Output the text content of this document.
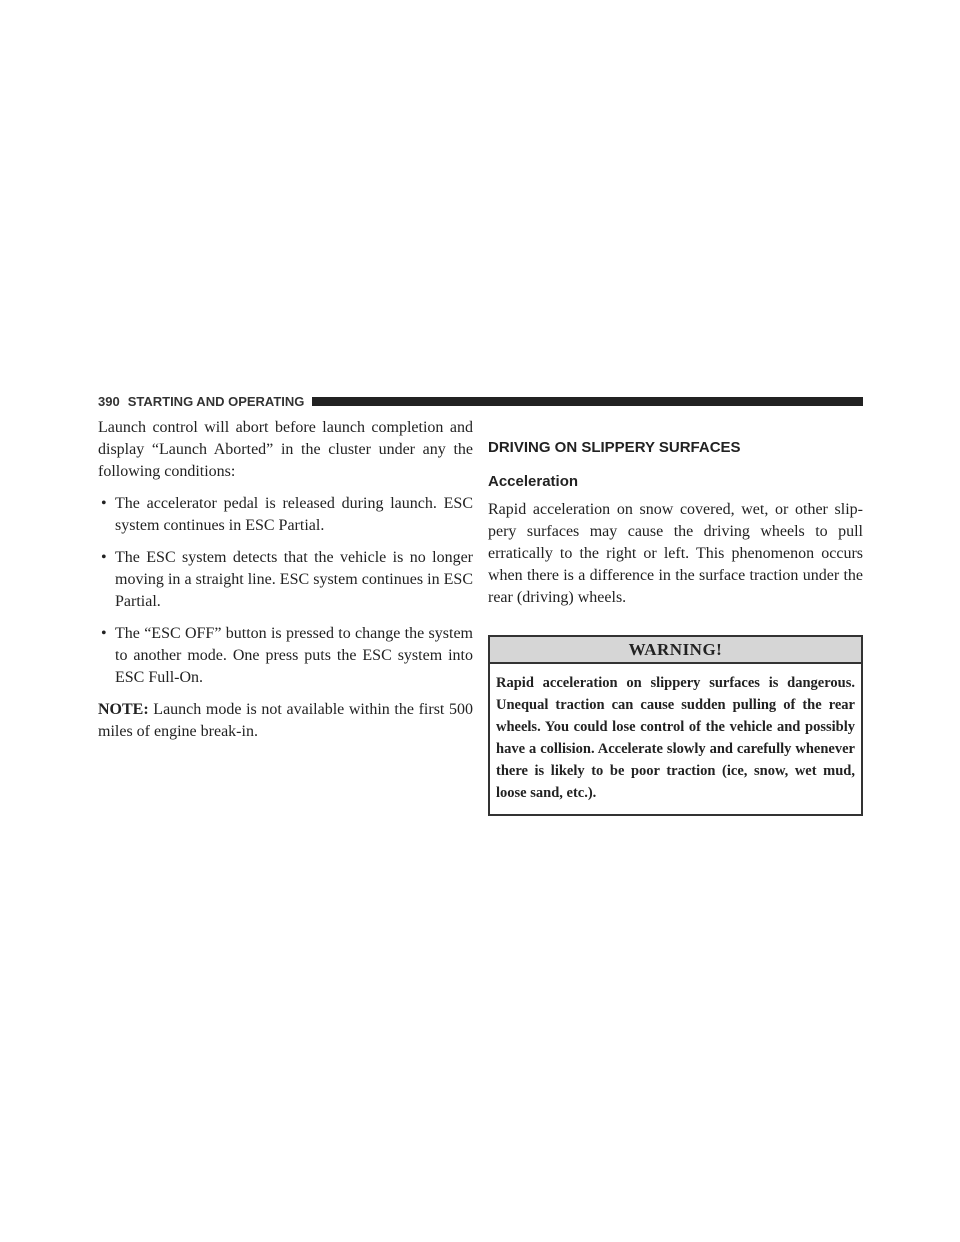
390 STARTING AND OPERATING

Launch control will abort before launch completion and display “Launch Aborted” in the cluster under any the following conditions:

• The accelerator pedal is released during launch. ESC system continues in ESC Partial.
• The ESC system detects that the vehicle is no longer moving in a straight line. ESC system continues in ESC Partial.
• The “ESC OFF” button is pressed to change the system to another mode. One press puts the ESC system into ESC Full-On.

NOTE: Launch mode is not available within the first 500 miles of engine break-in.

DRIVING ON SLIPPERY SURFACES
Acceleration

Rapid acceleration on snow covered, wet, or other slip-pery surfaces may cause the driving wheels to pull erratically to the right or left. This phenomenon occurs when there is a difference in the surface traction under the rear (driving) wheels.

WARNING!
Rapid acceleration on slippery surfaces is dangerous. Unequal traction can cause sudden pulling of the rear wheels. You could lose control of the vehicle and possibly have a collision. Accelerate slowly and carefully whenever there is likely to be poor traction (ice, snow, wet mud, loose sand, etc.).
